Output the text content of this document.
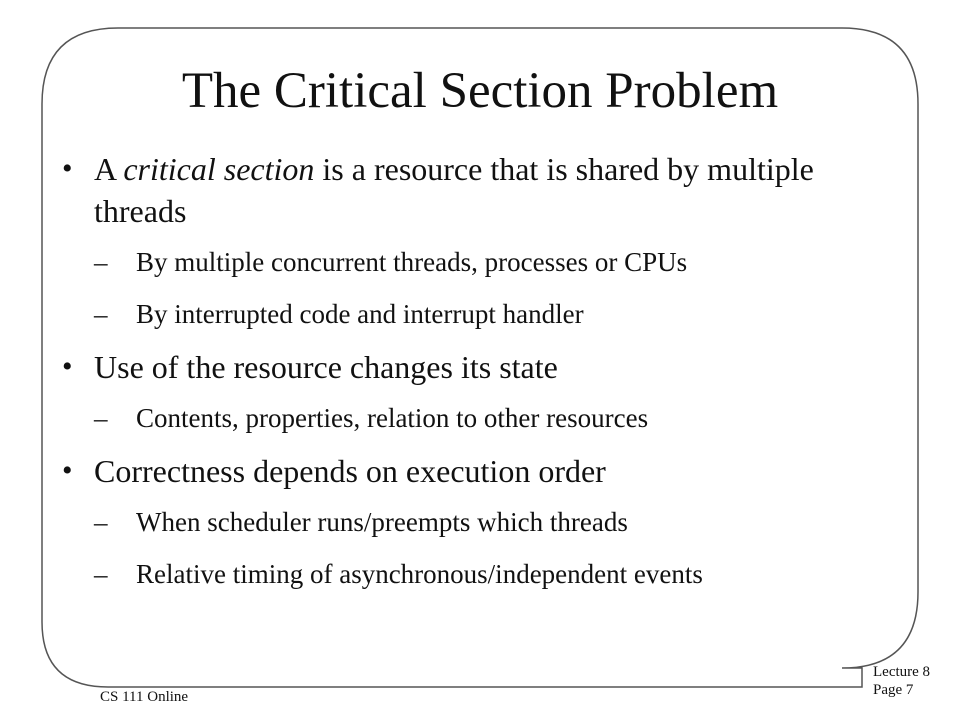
The Critical Section Problem
• A critical section is a resource that is shared by multiple threads
– By multiple concurrent threads, processes or CPUs
– By interrupted code and interrupt handler
• Use of the resource changes its state
– Contents, properties, relation to other resources
• Correctness depends on execution order
– When scheduler runs/preempts which threads
– Relative timing of asynchronous/independent events
CS 111 Online
Lecture 8
Page 7
